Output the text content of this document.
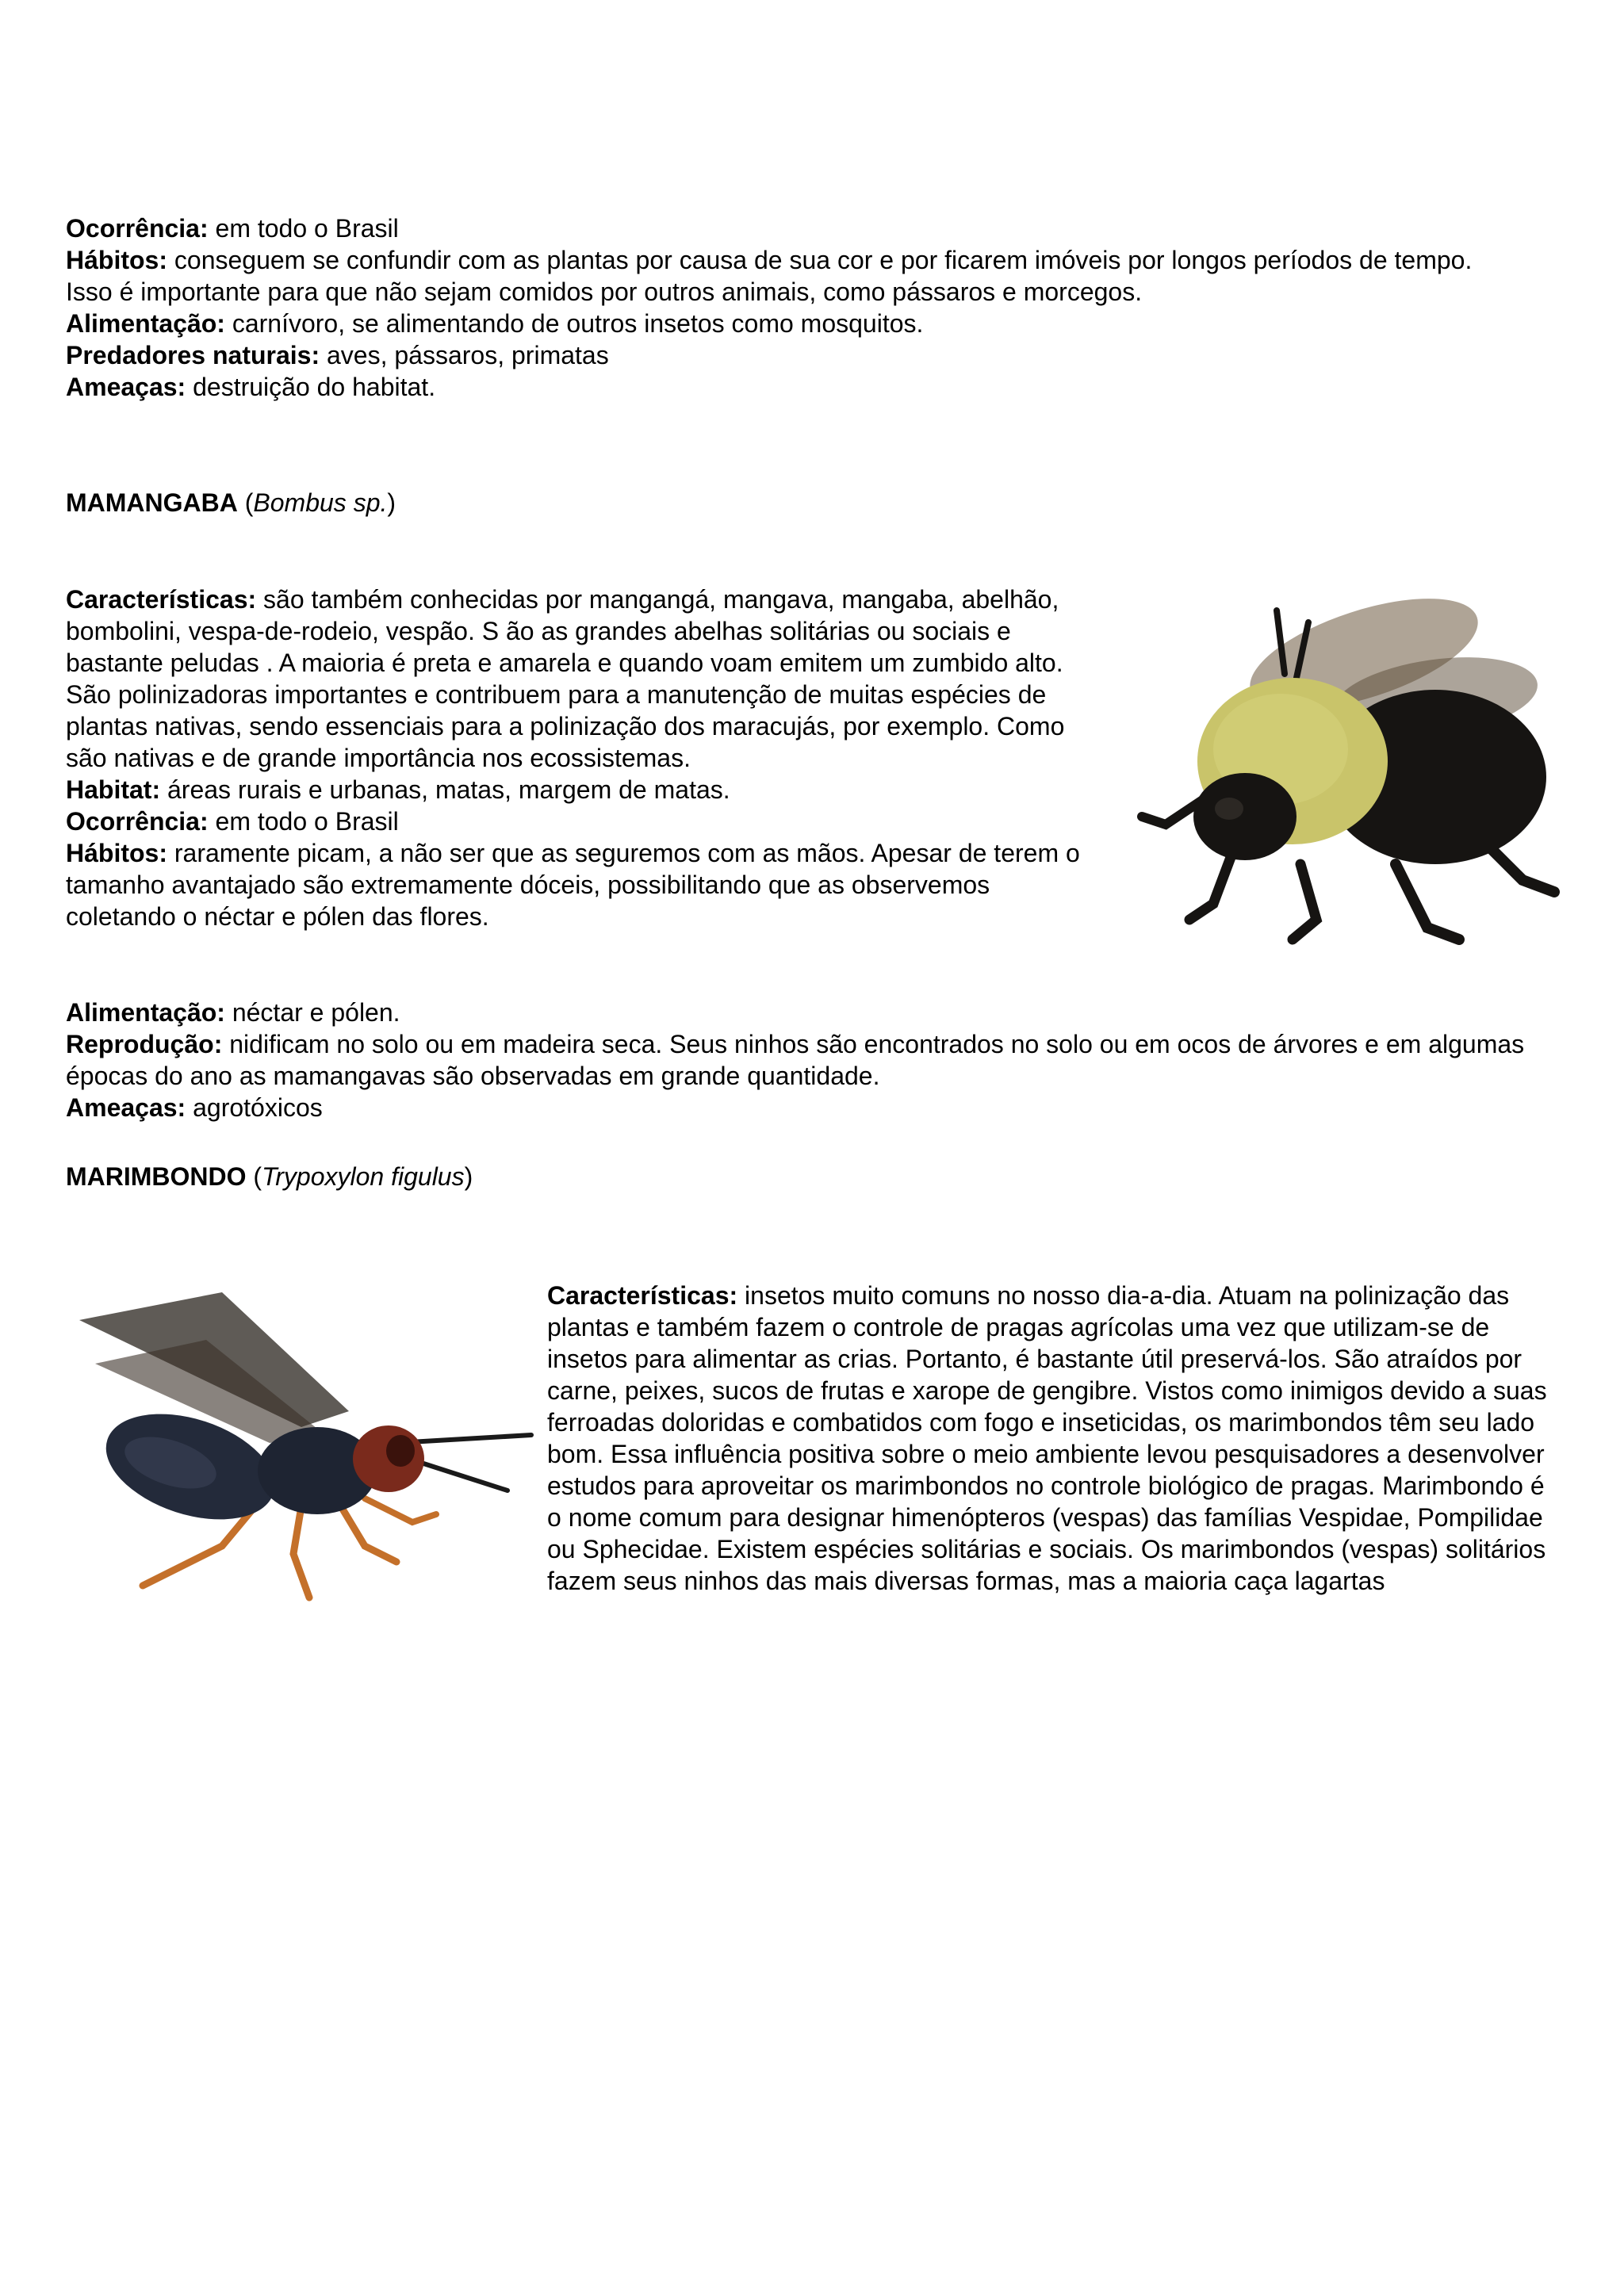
Ocorrência: em todo o Brasil

Hábitos: conseguem se confundir com as plantas por causa de sua cor e por ficarem imóveis por longos períodos de tempo. Isso é importante para que não sejam comidos por outros animais, como pássaros e morcegos.

Alimentação: carnívoro, se alimentando de outros insetos como mosquitos.

Predadores naturais: aves, pássaros, primatas

Ameaças: destruição do habitat.

MAMANGABA (Bombus sp.)

Características: são também conhecidas por mangangá, mangava, mangaba, abelhão, bombolini, vespa-de-rodeio, vespão. S ão as grandes abelhas solitárias ou sociais e bastante peludas . A maioria é preta e amarela e quando voam emitem um zumbido alto. São polinizadoras importantes e contribuem para a manutenção de muitas espécies de plantas nativas, sendo essenciais para a polinização dos maracujás, por exemplo. Como são nativas e de grande importância nos ecossistemas.

Habitat: áreas rurais e urbanas, matas, margem de matas.

Ocorrência: em todo o Brasil

Hábitos: raramente picam, a não ser que as seguremos com as mãos. Apesar de terem o tamanho avantajado são extremamente dóceis, possibilitando que as observemos coletando o néctar e pólen das flores.

Alimentação: néctar e pólen.

Reprodução: nidificam no solo ou em madeira seca. Seus ninhos são encontrados no solo ou em ocos de árvores e em algumas épocas do ano as mamangavas são observadas em grande quantidade.

Ameaças: agrotóxicos

MARIMBONDO (Trypoxylon figulus)

Características: insetos muito comuns no nosso dia-a-dia. Atuam na polinização das plantas e também fazem o controle de pragas agrícolas uma vez que utilizam-se de insetos para alimentar as crias. Portanto, é bastante útil preservá-los. São atraídos por carne, peixes, sucos de frutas e xarope de gengibre. Vistos como inimigos devido a suas ferroadas doloridas e combatidos com fogo e inseticidas, os marimbondos têm seu lado bom. Essa influência positiva sobre o meio ambiente levou pesquisadores a desenvolver estudos para aproveitar os marimbondos no controle biológico de pragas. Marimbondo é o nome comum para designar himenópteros (vespas) das famílias Vespidae, Pompilidae ou Sphecidae. Existem espécies solitárias e sociais. Os marimbondos (vespas) solitários fazem seus ninhos das mais diversas formas, mas a maioria caça lagartas
